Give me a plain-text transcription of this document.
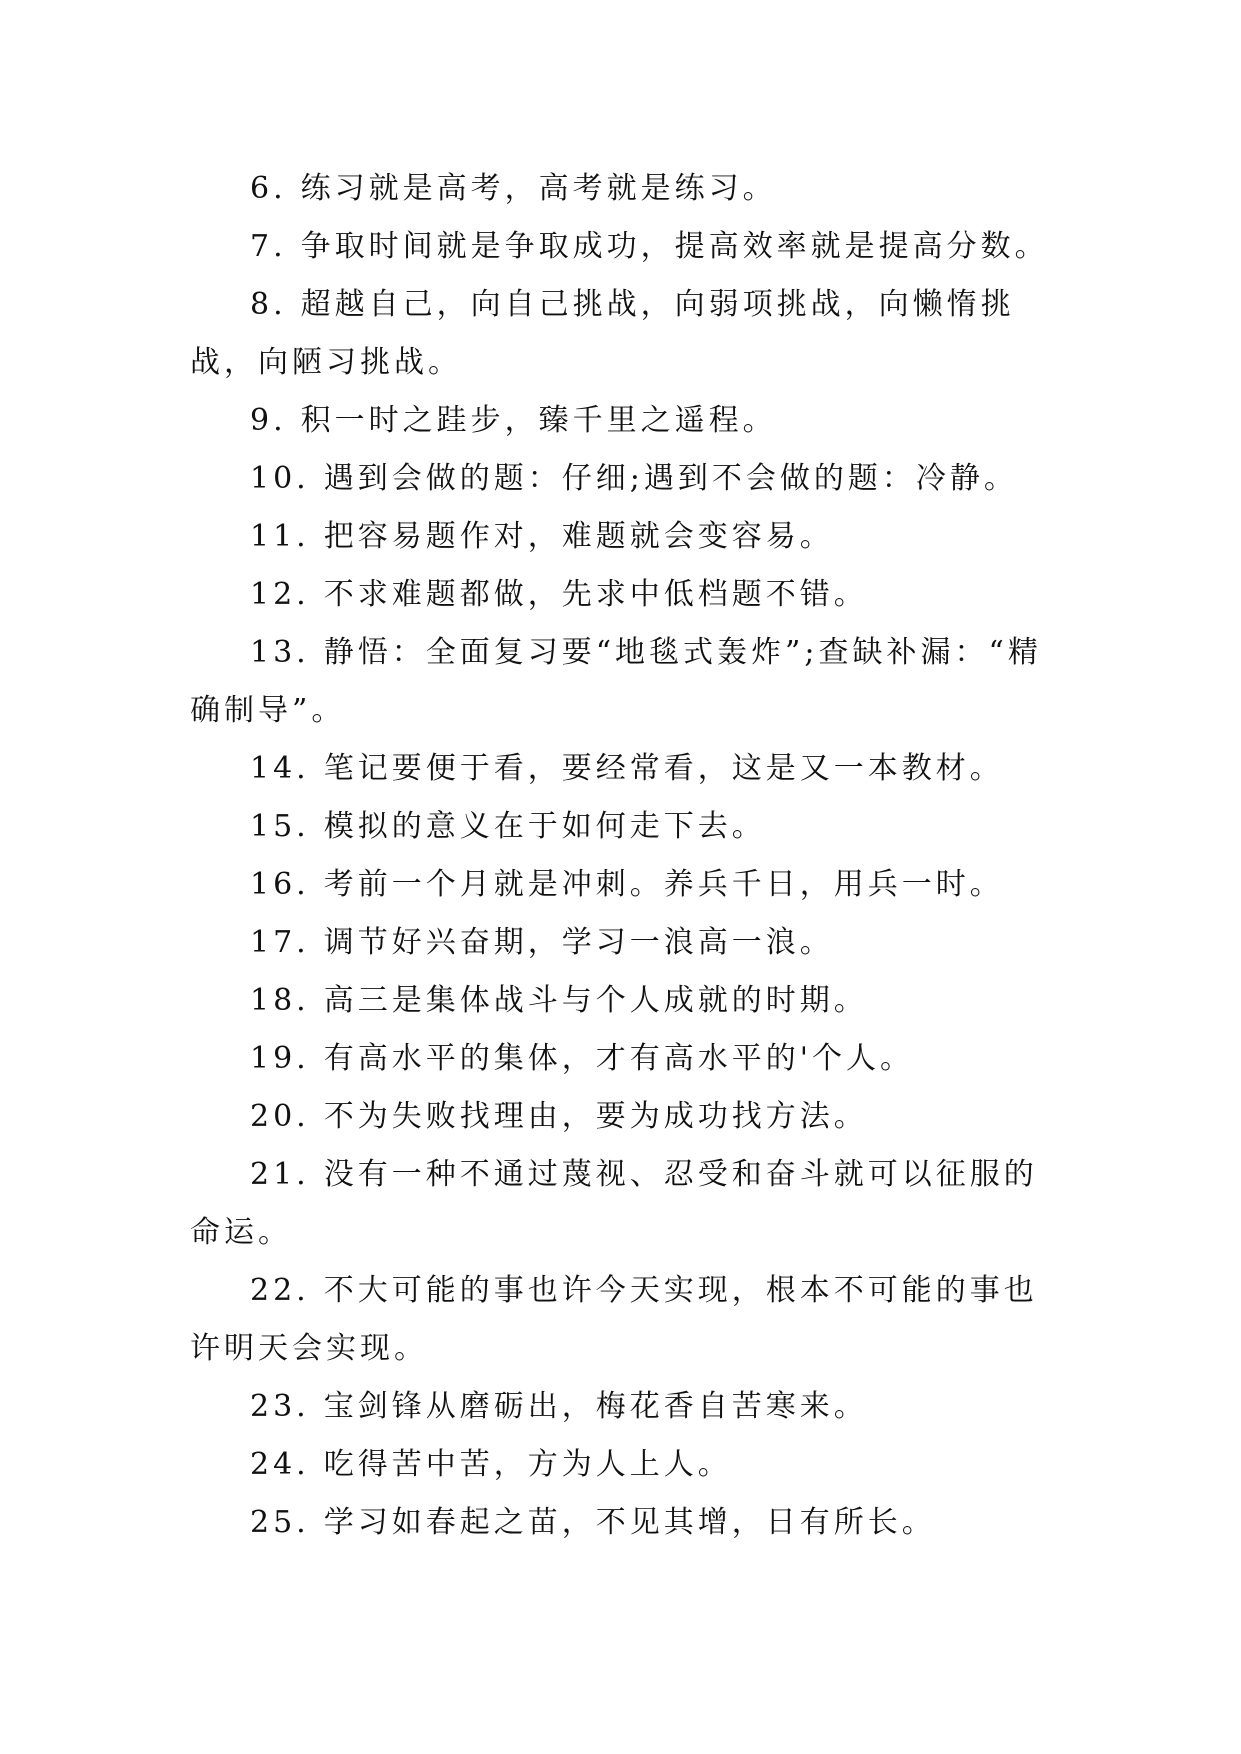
6. 练习就是高考，高考就是练习。

7. 争取时间就是争取成功，提高效率就是提高分数。

8. 超越自己，向自己挑战，向弱项挑战，向懒惰挑战，向陋习挑战。

9. 积一时之跬步，臻千里之遥程。

10. 遇到会做的题：仔细;遇到不会做的题：冷静。

11. 把容易题作对，难题就会变容易。

12. 不求难题都做，先求中低档题不错。

13. 静悟：全面复习要“地毯式轰炸”;查缺补漏：“精确制导”。

14. 笔记要便于看，要经常看，这是又一本教材。

15. 模拟的意义在于如何走下去。

16. 考前一个月就是冲刺。养兵千日，用兵一时。

17. 调节好兴奋期，学习一浪高一浪。

18. 高三是集体战斗与个人成就的时期。

19. 有高水平的集体，才有高水平的'个人。

20. 不为失败找理由，要为成功找方法。

21. 没有一种不通过蔑视、忍受和奋斗就可以征服的命运。

22. 不大可能的事也许今天实现，根本不可能的事也许明天会实现。

23. 宝剑锋从磨砺出，梅花香自苦寒来。

24. 吃得苦中苦，方为人上人。

25. 学习如春起之苗，不见其增，日有所长。
